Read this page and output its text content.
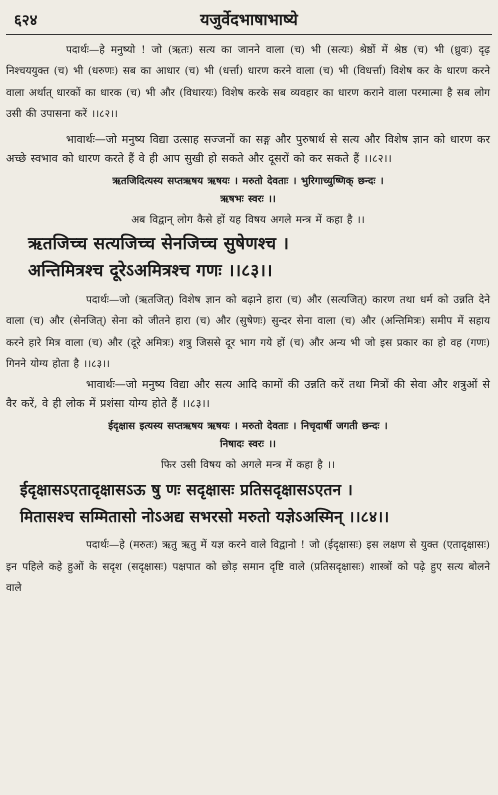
६२४	यजुर्वेदभाषाभाष्ये

पदार्थः—हे मनुष्यो ! जो (ऋतः) सत्य का जानने वाला (च) भी (सत्यः) श्रेष्ठों में श्रेष्ठ (च) भी (ध्रुवः) दृढ़ निश्चययुक्त (च) भी (धरुणः) सब का आधार (च) भी (धर्त्ता) धारण करने वाला (च) भी (विधर्त्ता) विशेष कर के धारण करने वाला अर्थात् धारकों का धारक (च) भी और (विधारयः) विशेष करके सब व्यवहार का धारण कराने वाला परमात्मा है सब लोग उसी की उपासना करें ।।८२।।

भावार्थः—जो मनुष्य विद्या उत्साह सज्जनों का सङ्ग और पुरुषार्थ से सत्य और विशेष ज्ञान को धारण कर अच्छे स्वभाव को धारण करते हैं वे ही आप सुखी हो सकते और दूसरों को कर सकते हैं ।।८२।।

ऋतजिदित्यस्य सप्तऋषय ऋषयः । मरुतो देवताः । भुरिगाच्युष्णिक् छन्दः ।

ऋषभः स्वरः ।।

अब विद्वान् लोग कैसे हों यह विषय अगले मन्त्र में कहा है ।।

ऋतजिच्च सत्यजिच्च सेनजिच्च सुषेणश्च ।

अन्तिमित्रश्च दूरेऽअमित्रश्च गणः ।।८३।।

पदार्थः—जो (ऋतजित्) विशेष ज्ञान को बढ़ाने हारा (च) और (सत्यजित्) कारण तथा धर्म को उन्नति देने वाला (च) और (सेनजित्) सेना को जीतने हारा (च) और (सुषेणः) सुन्दर सेना वाला (च) और (अन्तिमित्रः) समीप में सहाय करने हारे मित्र वाला (च) और (दूरे अमित्रः) शत्रु जिससे दूर भाग गये हों (च) और अन्य भी जो इस प्रकार का हो वह (गणः) गिनने योग्य होता है ।।८३।।

भावार्थः—जो मनुष्य विद्या और सत्य आदि कामों की उन्नति करें तथा मित्रों की सेवा और शत्रुओं से वैर करें, वे ही लोक में प्रशंसा योग्य होते हैं ।।८३।।

ईदृक्षास इत्यस्य सप्तऋषय ऋषयः । मरुतो देवताः । निचृदार्षी जगती छन्दः ।

निषादः स्वरः ।।

फिर उसी विषय को अगले मन्त्र में कहा है ।।

ईदृक्षासऽएतादृक्षासऽऊ षु णः सदृक्षासः प्रतिसदृक्षासऽएतन ।

मितासश्च सम्मितासो नोऽअद्य सभरसो मरुतो यज्ञेऽअस्मिन् ।।८४।।

पदार्थः—हे (मरुतः) ऋतु ऋतु में यज्ञ करने वाले विद्वानो ! जो (ईदृक्षासः) इस लक्षण से युक्त (एतादृक्षासः) इन पहिले कहे हुओं के सदृश (सदृक्षासः) पक्षपात को छोड़ समान दृष्टि वाले (प्रतिसदृक्षासः) शास्त्रों को पढ़े हुए सत्य बोलने वाले
